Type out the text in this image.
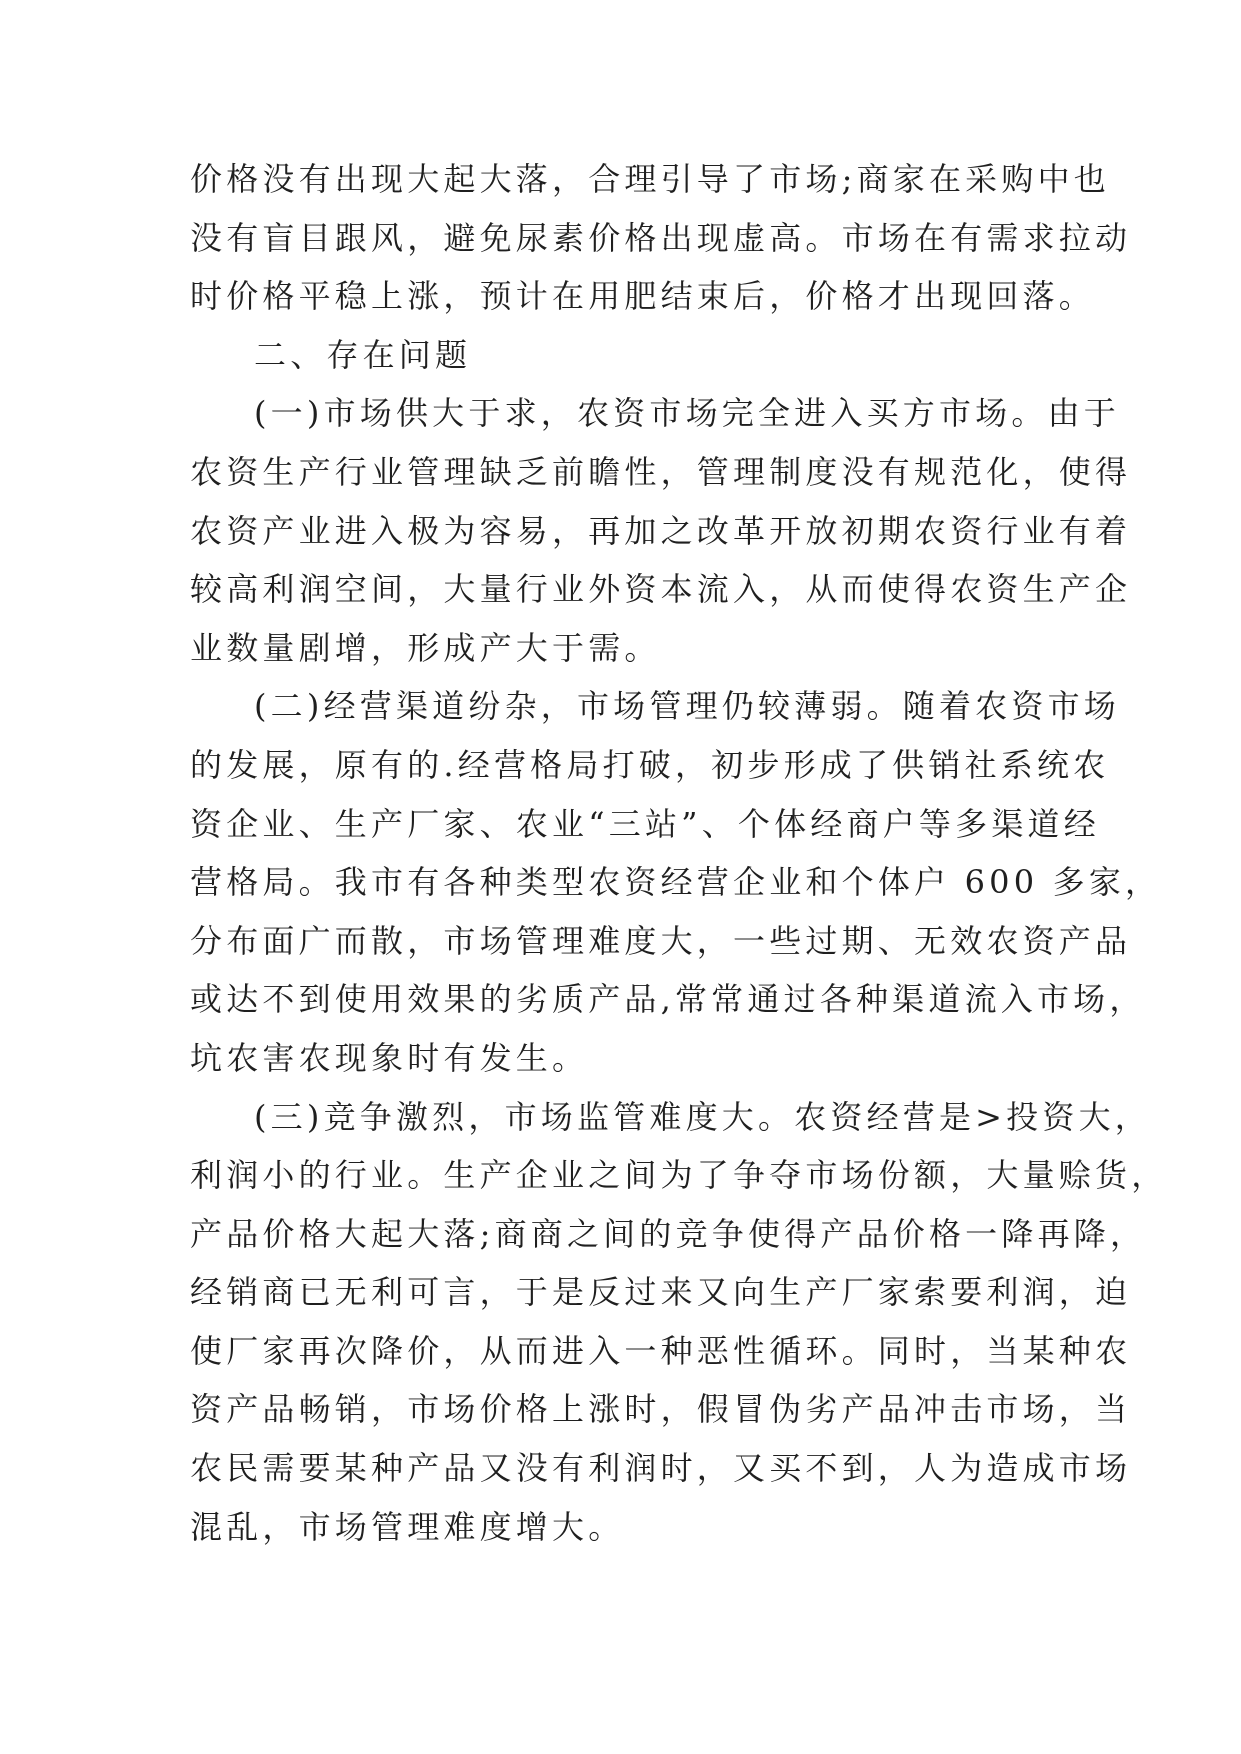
价格没有出现大起大落，合理引导了市场;商家在采购中也
没有盲目跟风，避免尿素价格出现虚高。市场在有需求拉动
时价格平稳上涨，预计在用肥结束后，价格才出现回落。
二、存在问题
(一)市场供大于求，农资市场完全进入买方市场。由于
农资生产行业管理缺乏前瞻性，管理制度没有规范化，使得
农资产业进入极为容易，再加之改革开放初期农资行业有着
较高利润空间，大量行业外资本流入，从而使得农资生产企
业数量剧增，形成产大于需。
(二)经营渠道纷杂，市场管理仍较薄弱。随着农资市场
的发展，原有的.经营格局打破，初步形成了供销社系统农
资企业、生产厂家、农业“三站”、个体经商户等多渠道经
营格局。我市有各种类型农资经营企业和个体户 600 多家，
分布面广而散，市场管理难度大，一些过期、无效农资产品
或达不到使用效果的劣质产品,常常通过各种渠道流入市场，
坑农害农现象时有发生。
(三)竞争激烈，市场监管难度大。农资经营是>投资大，
利润小的行业。生产企业之间为了争夺市场份额，大量赊货，
产品价格大起大落;商商之间的竞争使得产品价格一降再降，
经销商已无利可言，于是反过来又向生产厂家索要利润，迫
使厂家再次降价，从而进入一种恶性循环。同时，当某种农
资产品畅销，市场价格上涨时，假冒伪劣产品冲击市场，当
农民需要某种产品又没有利润时，又买不到，人为造成市场
混乱，市场管理难度增大。
